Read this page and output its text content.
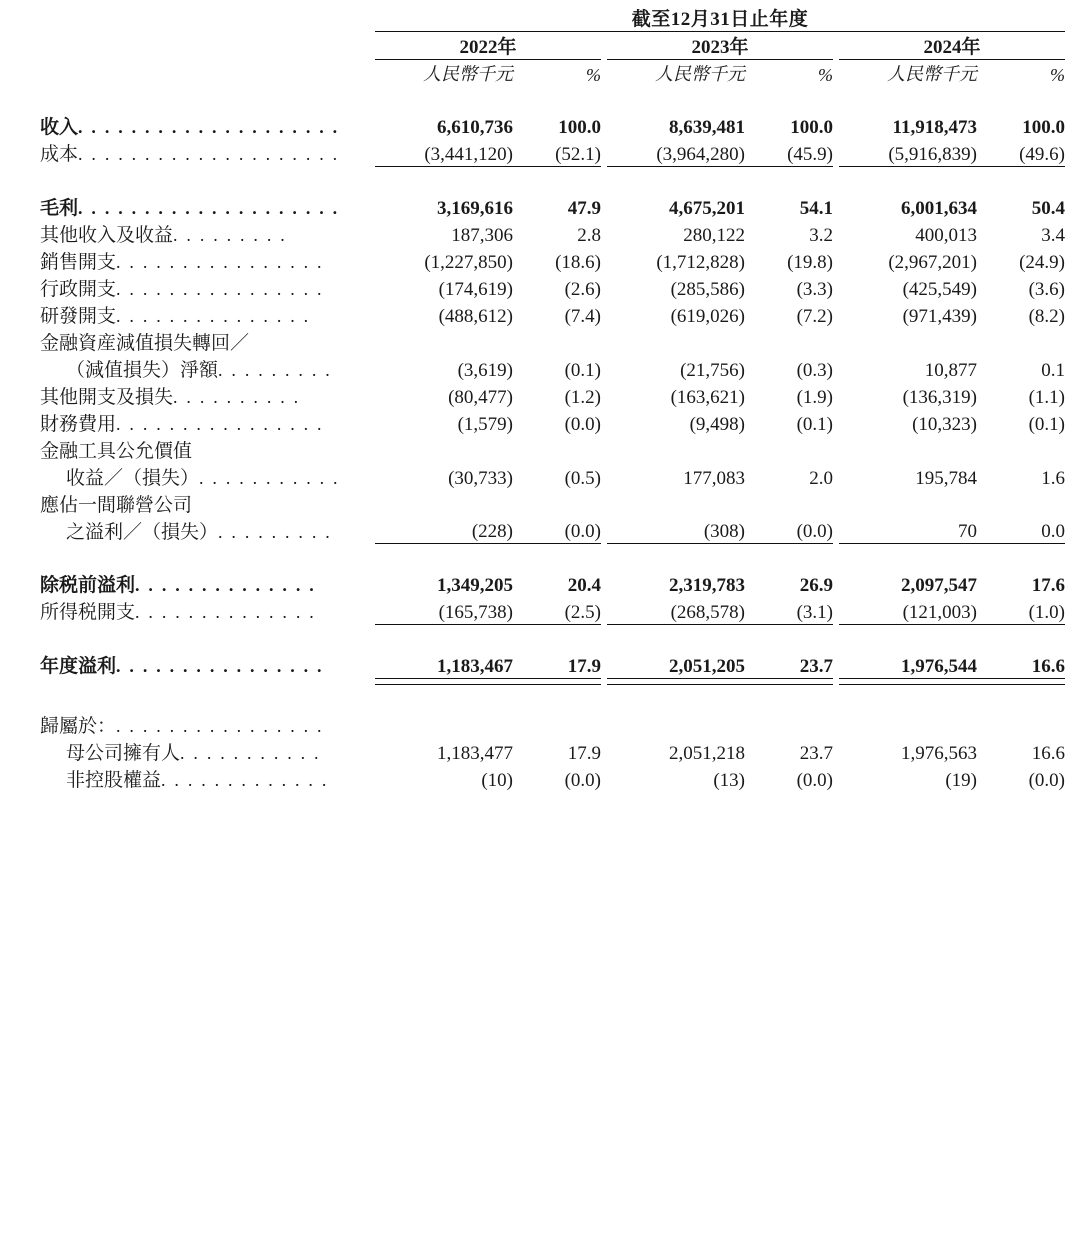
	截至12月31日止年度							

	2022年			2023年			2024年	
	人民幣千元	%		人民幣千元	%		人民幣千元	%

收入. . . . . . . . . . . . . . . . . . . .	6,610,736	100.0		8,639,481	100.0		11,918,473	100.0
成本. . . . . . . . . . . . . . . . . . . .	(3,441,120)	(52.1)		(3,964,280)	(45.9)		(5,916,839)	(49.6)

毛利. . . . . . . . . . . . . . . . . . . .	3,169,616	47.9		4,675,201	54.1		6,001,634	50.4
其他收入及收益. . . . . . . . .	187,306	2.8		280,122	3.2		400,013	3.4
銷售開支. . . . . . . . . . . . . . . .	(1,227,850)	(18.6)		(1,712,828)	(19.8)		(2,967,201)	(24.9)
行政開支. . . . . . . . . . . . . . . .	(174,619)	(2.6)		(285,586)	(3.3)		(425,549)	(3.6)
研發開支. . . . . . . . . . . . . . .	(488,612)	(7.4)		(619,026)	(7.2)		(971,439)	(8.2)
金融資産減值損失轉回／								
（減值損失）淨額. . . . . . . . .	(3,619)	(0.1)		(21,756)	(0.3)		10,877	0.1
其他開支及損失. . . . . . . . . .	(80,477)	(1.2)		(163,621)	(1.9)		(136,319)	(1.1)
財務費用. . . . . . . . . . . . . . . .	(1,579)	(0.0)		(9,498)	(0.1)		(10,323)	(0.1)
金融工具公允價值								
收益／（損失）. . . . . . . . . . .	(30,733)	(0.5)		177,083	2.0		195,784	1.6
應佔一間聯營公司								
之溢利／（損失）. . . . . . . . .	(228)	(0.0)		(308)	(0.0)		70	0.0

除税前溢利. . . . . . . . . . . . . .	1,349,205	20.4		2,319,783	26.9		2,097,547	17.6
所得税開支. . . . . . . . . . . . . .	(165,738)	(2.5)		(268,578)	(3.1)		(121,003)	(1.0)

年度溢利. . . . . . . . . . . . . . . .	1,183,467	17.9		2,051,205	23.7		1,976,544	16.6

歸屬於：. . . . . . . . . . . . . . . .								
母公司擁有人. . . . . . . . . . .	1,183,477	17.9		2,051,218	23.7		1,976,563	16.6
非控股權益. . . . . . . . . . . . .	(10)	(0.0)		(13)	(0.0)		(19)	(0.0)
